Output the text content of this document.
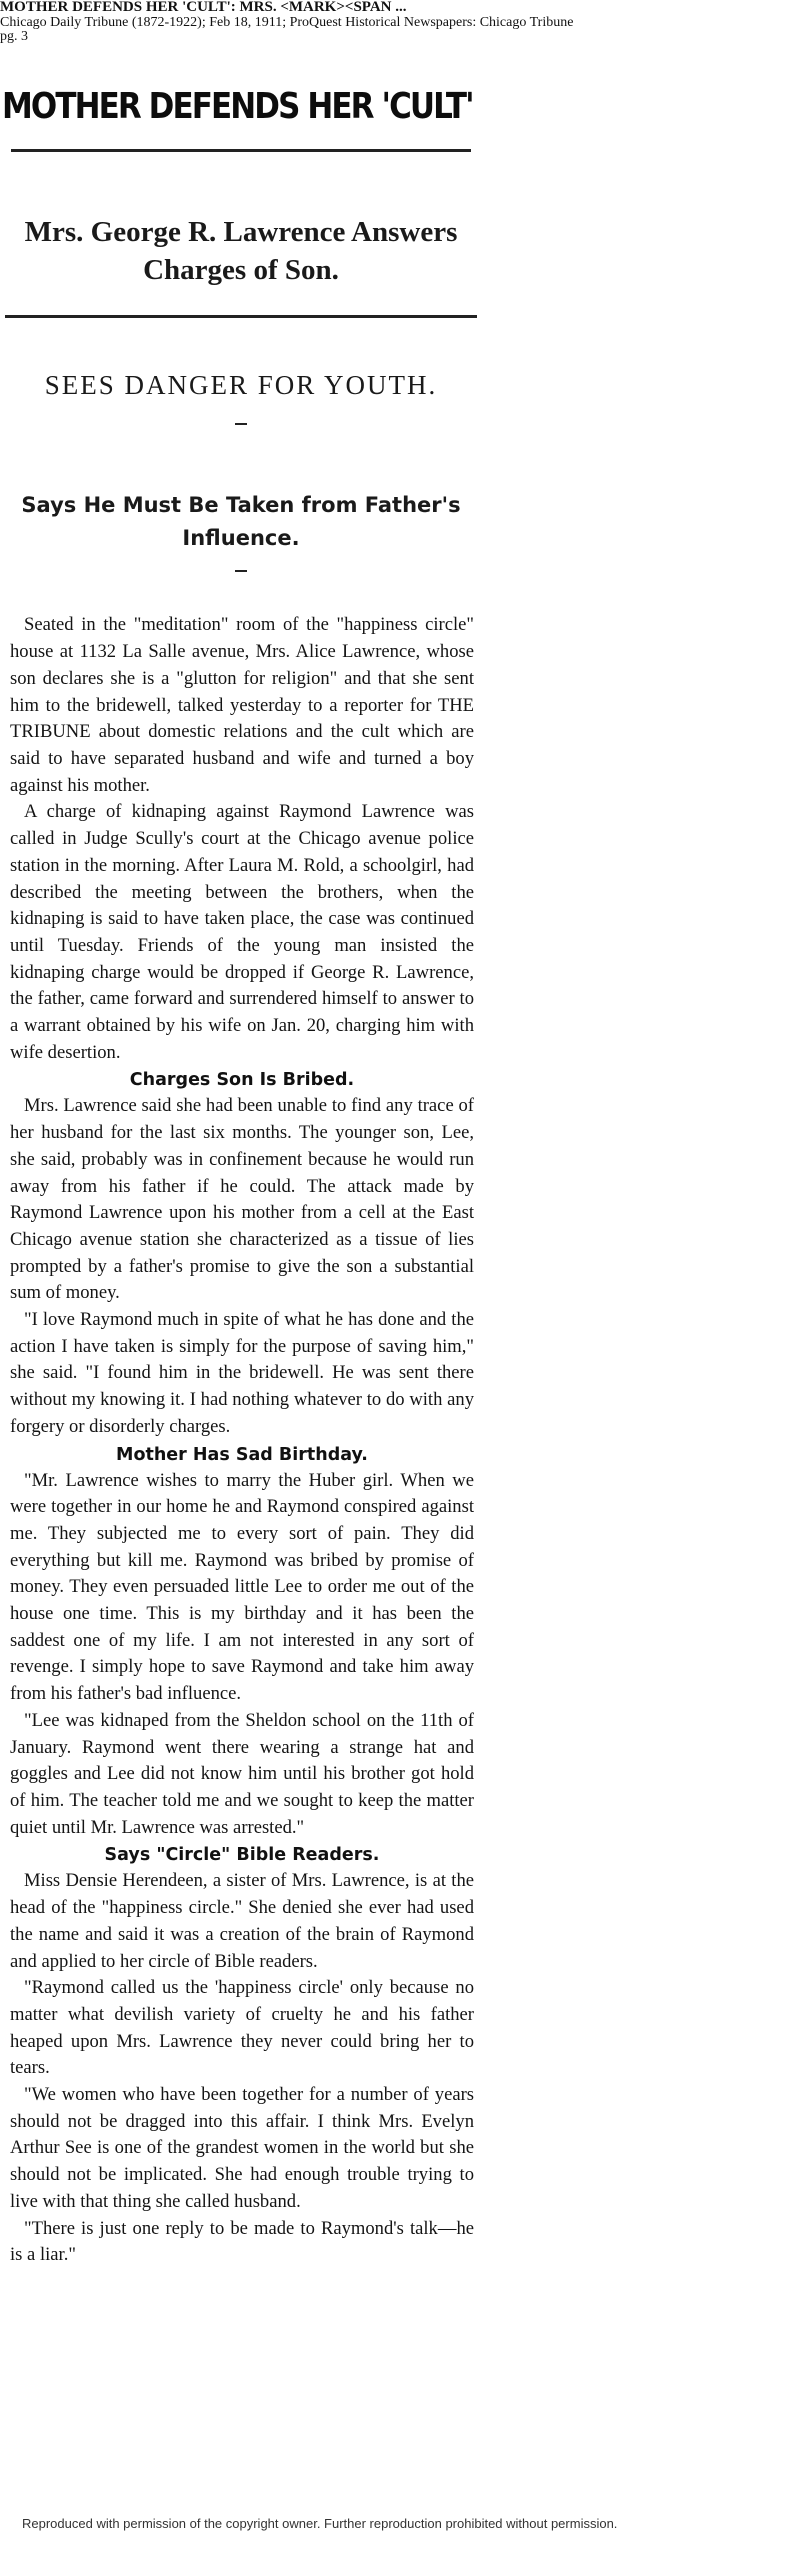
MOTHER DEFENDS HER 'CULT': MRS. <MARK><SPAN ...
Chicago Daily Tribune (1872-1922); Feb 18, 1911; ProQuest Historical Newspapers: Chicago Tribune
pg. 3
MOTHER DEFENDS HER 'CULT'
Mrs. George R. Lawrence Answers
Charges of Son.
SEES DANGER FOR YOUTH.
Says He Must Be Taken from Father's
Influence.

Seated in the "meditation" room of the "happiness circle" house at 1132 La Salle avenue, Mrs. Alice Lawrence, whose son declares she is a "glutton for religion" and that she sent him to the bridewell, talked yesterday to a reporter for THE TRIBUNE about domestic relations and the cult which are said to have separated husband and wife and turned a boy against his mother.

A charge of kidnaping against Raymond Lawrence was called in Judge Scully's court at the Chicago avenue police station in the morning. After Laura M. Rold, a schoolgirl, had described the meeting between the brothers, when the kidnaping is said to have taken place, the case was continued until Tuesday. Friends of the young man insisted the kidnaping charge would be dropped if George R. Lawrence, the father, came forward and surrendered himself to answer to a warrant obtained by his wife on Jan. 20, charging him with wife desertion.

Charges Son Is Bribed.

Mrs. Lawrence said she had been unable to find any trace of her husband for the last six months. The younger son, Lee, she said, probably was in confinement because he would run away from his father if he could. The attack made by Raymond Lawrence upon his mother from a cell at the East Chicago avenue station she characterized as a tissue of lies prompted by a father's promise to give the son a substantial sum of money.

"I love Raymond much in spite of what he has done and the action I have taken is simply for the purpose of saving him," she said. "I found him in the bridewell. He was sent there without my knowing it. I had nothing whatever to do with any forgery or disorderly charges.

Mother Has Sad Birthday.

"Mr. Lawrence wishes to marry the Huber girl. When we were together in our home he and Raymond conspired against me. They subjected me to every sort of pain. They did everything but kill me. Raymond was bribed by promise of money. They even persuaded little Lee to order me out of the house one time. This is my birthday and it has been the saddest one of my life. I am not interested in any sort of revenge. I simply hope to save Raymond and take him away from his father's bad influence.

"Lee was kidnaped from the Sheldon school on the 11th of January. Raymond went there wearing a strange hat and goggles and Lee did not know him until his brother got hold of him. The teacher told me and we sought to keep the matter quiet until Mr. Lawrence was arrested."

Says "Circle" Bible Readers.

Miss Densie Herendeen, a sister of Mrs. Lawrence, is at the head of the "happiness circle." She denied she ever had used the name and said it was a creation of the brain of Raymond and applied to her circle of Bible readers.

"Raymond called us the 'happiness circle' only because no matter what devilish variety of cruelty he and his father heaped upon Mrs. Lawrence they never could bring her to tears.

"We women who have been together for a number of years should not be dragged into this affair. I think Mrs. Evelyn Arthur See is one of the grandest women in the world but she should not be implicated. She had enough trouble trying to live with that thing she called husband.

"There is just one reply to be made to Raymond's talk—he is a liar."

Reproduced with permission of the copyright owner. Further reproduction prohibited without permission.
